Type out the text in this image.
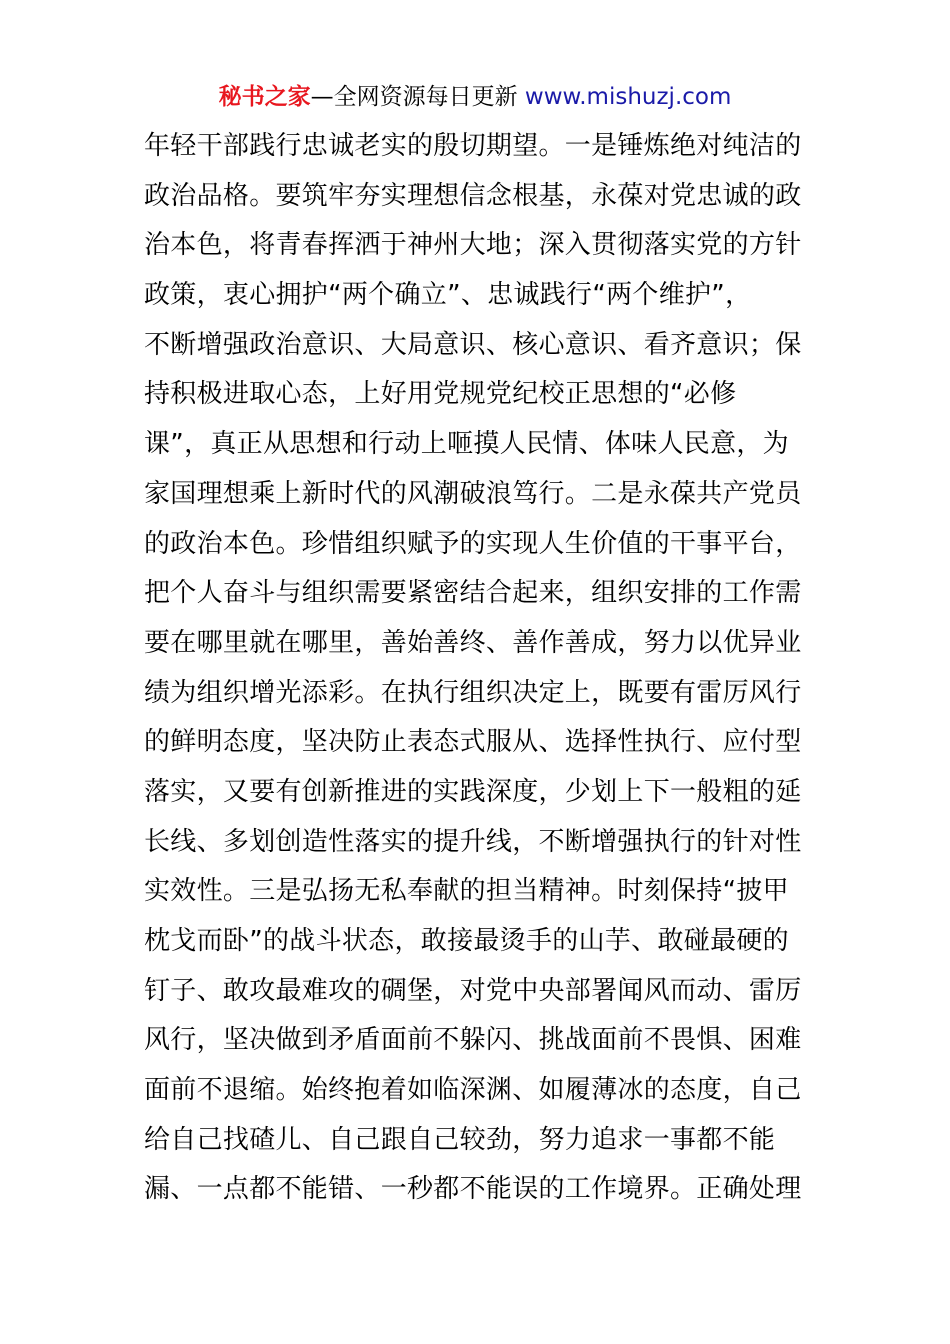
秘书之家—全网资源每日更新 www.mishuzj.com
年轻干部践行忠诚老实的殷切期望。一是锤炼绝对纯洁的
政治品格。要筑牢夯实理想信念根基，永葆对党忠诚的政
治本色，将青春挥洒于神州大地；深入贯彻落实党的方针
政策，衷心拥护“两个确立”、忠诚践行“两个维护”，
不断增强政治意识、大局意识、核心意识、看齐意识；保
持积极进取心态，上好用党规党纪校正思想的“必修
课”，真正从思想和行动上咂摸人民情、体味人民意，为
家国理想乘上新时代的风潮破浪笃行。二是永葆共产党员
的政治本色。珍惜组织赋予的实现人生价值的干事平台，
把个人奋斗与组织需要紧密结合起来，组织安排的工作需
要在哪里就在哪里，善始善终、善作善成，努力以优异业
绩为组织增光添彩。在执行组织决定上，既要有雷厉风行
的鲜明态度，坚决防止表态式服从、选择性执行、应付型
落实，又要有创新推进的实践深度，少划上下一般粗的延
长线、多划创造性落实的提升线，不断增强执行的针对性
实效性。三是弘扬无私奉献的担当精神。时刻保持“披甲
枕戈而卧”的战斗状态，敢接最烫手的山芋、敢碰最硬的
钉子、敢攻最难攻的碉堡，对党中央部署闻风而动、雷厉
风行，坚决做到矛盾面前不躲闪、挑战面前不畏惧、困难
面前不退缩。始终抱着如临深渊、如履薄冰的态度，自己
给自己找碴儿、自己跟自己较劲，努力追求一事都不能
漏、一点都不能错、一秒都不能误的工作境界。正确处理
